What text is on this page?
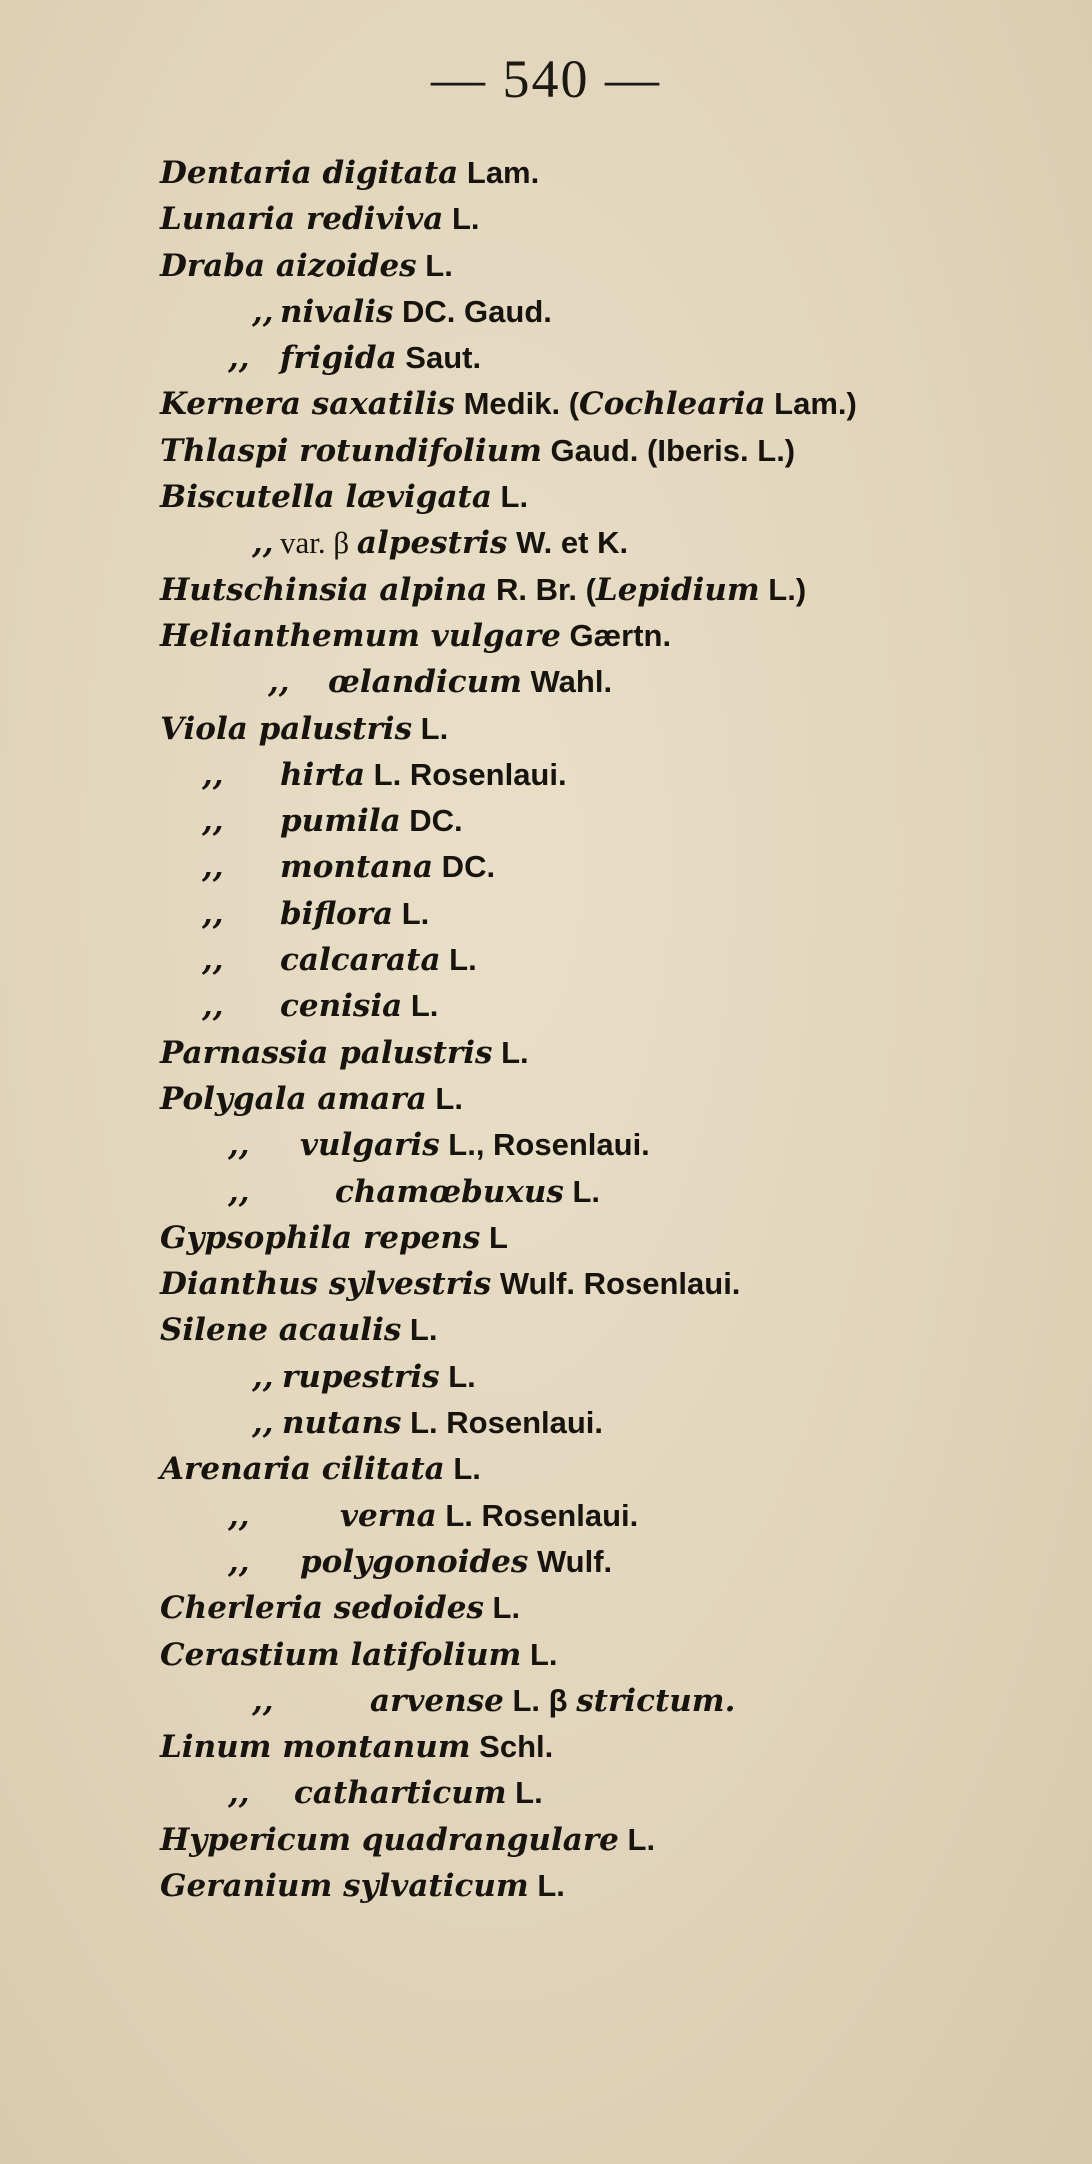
— 540 —
Dentaria digitata Lam.
Lunaria rediviva L.
Draba aizoides L.
,, nivalis DC. Gaud.
,, frigida Saut.
Kernera saxatilis Medik. (Cochlearia Lam.)
Thlaspi rotundifolium Gaud. (Iberis. L.)
Biscutella lævigata L.
,, var. β alpestris W. et K.
Hutschinsia alpina R. Br. (Lepidium L.)
Helianthemum vulgare Gærtn.
,, œlandicum Wahl.
Viola palustris L.
,, hirta L. Rosenlaui.
,, pumila DC.
,, montana DC.
,, biflora L.
,, calcarata L.
,, cenisia L.
Parnassia palustris L.
Polygala amara L.
,, vulgaris L., Rosenlaui.
,,	chamœbuxus L.
Gypsophila repens L
Dianthus sylvestris Wulf. Rosenlaui.
Silene acaulis L.
,, rupestris L.
,, nutans L. Rosenlaui.
Arenaria cilitata L.
,,	verna L. Rosenlaui.
,, polygonoides Wulf.
Cherleria sedoides L.
Cerastium latifolium L.
,,	arvense L. β strictum.
Linum montanum Schl.
,, catharticum L.
Hypericum quadrangulare L.
Geranium sylvaticum L.
